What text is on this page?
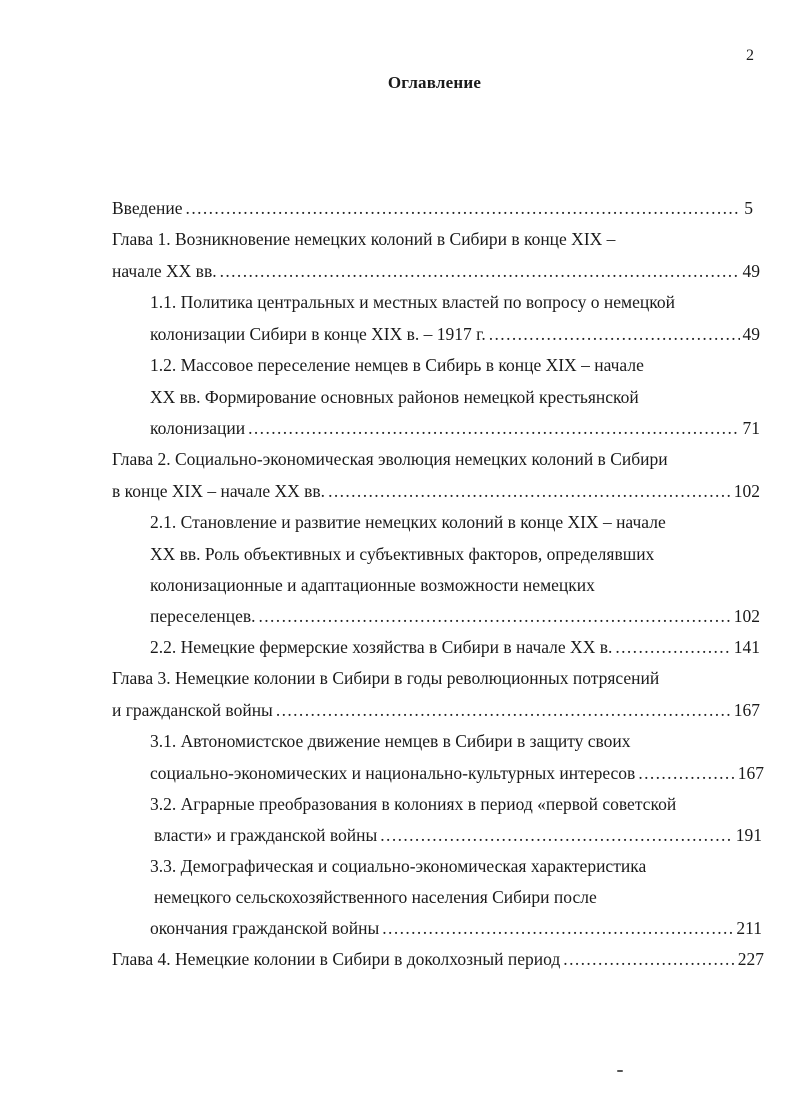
2
Оглавление
Введение .....	5
Глава 1. Возникновение немецких колоний в Сибири в конце XIX –
начале XX вв. .....	49
1.1. Политика центральных и местных властей по вопросу о немецкой
колонизации Сибири в конце XIX в. – 1917 г. .....	49
1.2. Массовое переселение немцев в Сибирь в конце XIX – начале
XX вв. Формирование основных районов немецкой крестьянской
колонизации .....	71
Глава 2. Социально-экономическая эволюция немецких колоний в Сибири
в конце XIX – начале XX вв. .....	102
2.1. Становление и развитие немецких колоний в конце XIX – начале
XX вв. Роль объективных и субъективных факторов, определявших
колонизационные и адаптационные возможности немецких
переселенцев. .....	102
2.2. Немецкие фермерские хозяйства в Сибири в начале XX в. .....	141
Глава 3. Немецкие колонии в Сибири в годы революционных потрясений
и гражданской войны .....	167
3.1. Автономистское движение немцев в Сибири в защиту своих
социально-экономических и национально-культурных интересов .....	167
3.2. Аграрные преобразования в колониях в период «первой советской
власти» и гражданской войны .....	191
3.3. Демографическая и социально-экономическая характеристика
немецкого сельскохозяйственного населения Сибири после
окончания гражданской войны .....	211
Глава 4. Немецкие колонии в Сибири в доколхозный период .....	227
